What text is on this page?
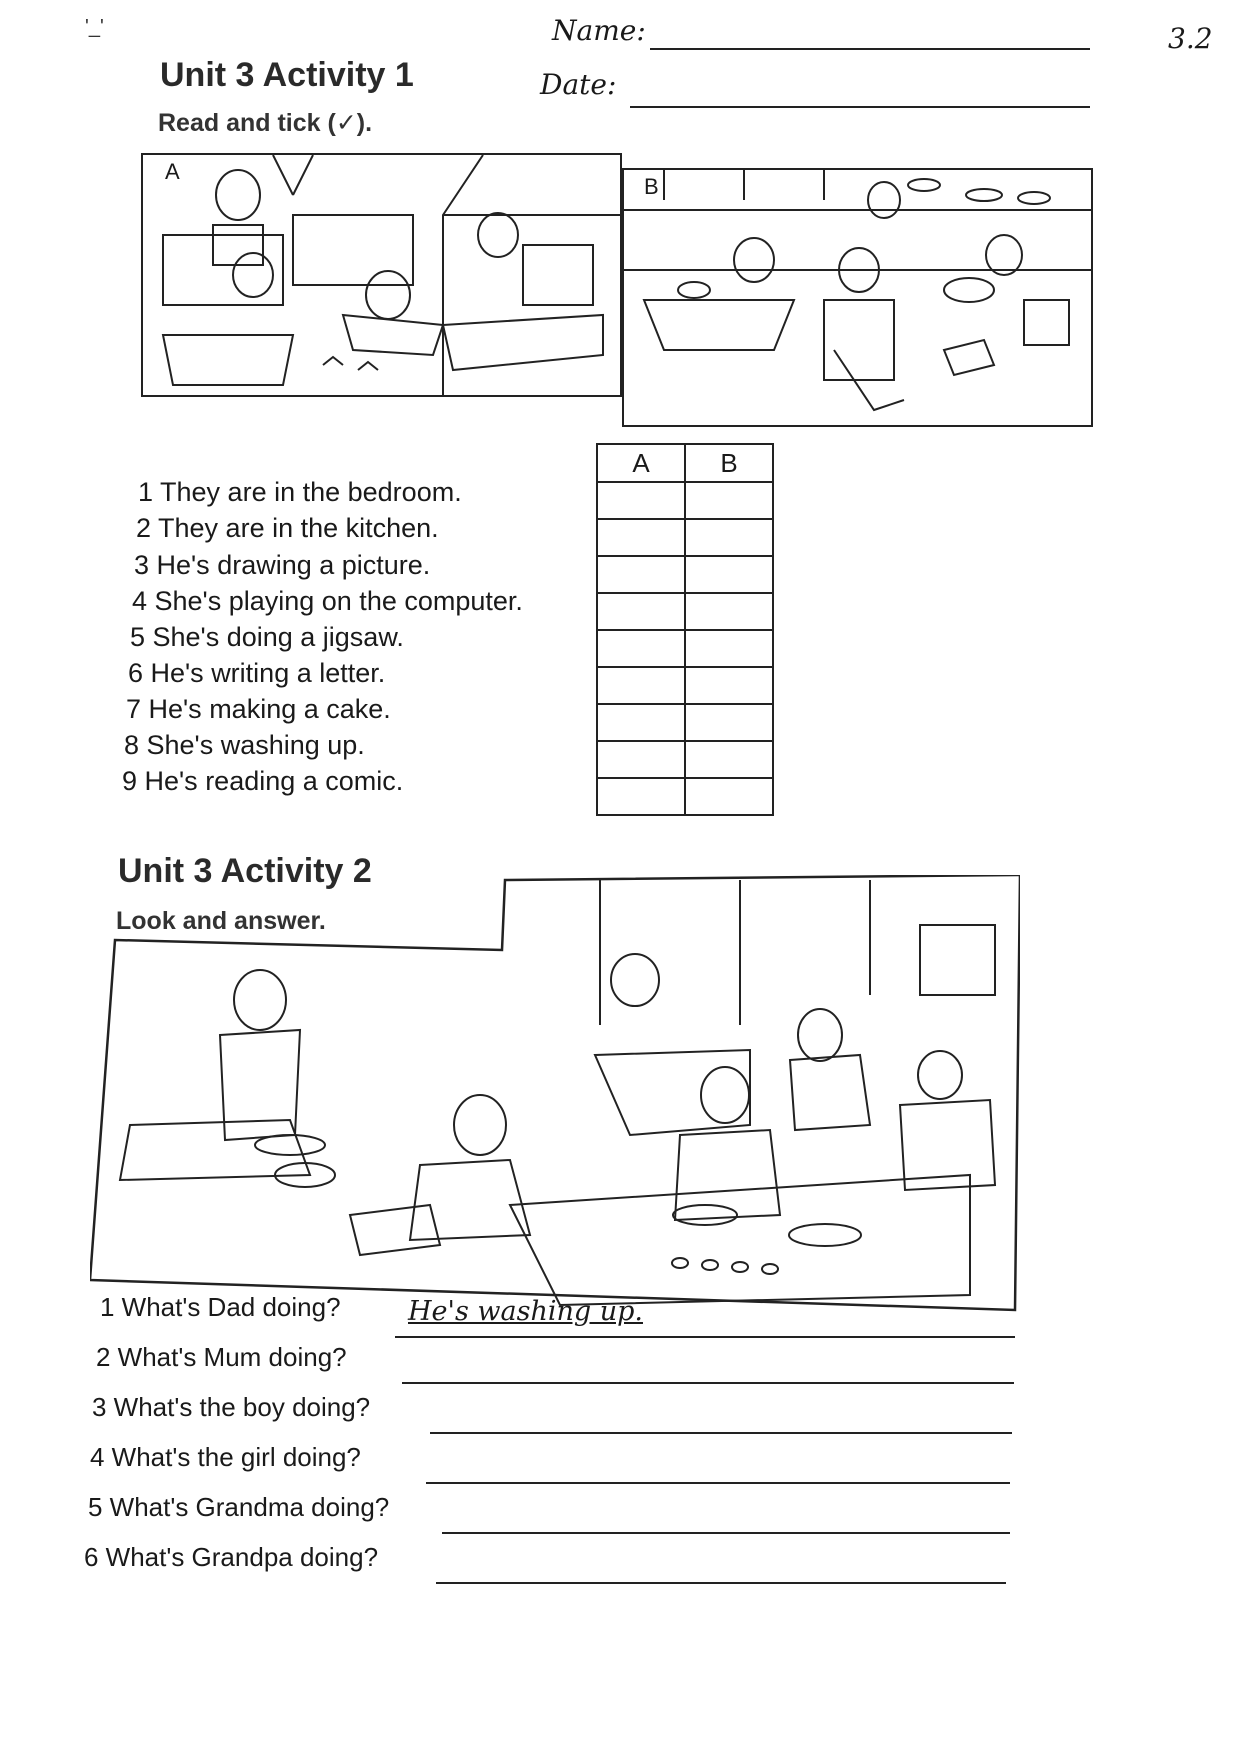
'_'	Name:
Date:
3.2
Unit 3 Activity 1
Read and tick (✓).
A
B
A	B

1 They are in the bedroom.
2 They are in the kitchen.
3 He's drawing a picture.
4 She's playing on the computer.
5 She's doing a jigsaw.
6 He's writing a letter.
7 He's making a cake.
8 She's washing up.
9 He's reading a comic.
Unit 3 Activity 2
Look and answer.
1 What's Dad doing? He's washing up.
2 What's Mum doing?
3 What's the boy doing?
4 What's the girl doing?
5 What's Grandma doing?
6 What's Grandpa doing?
